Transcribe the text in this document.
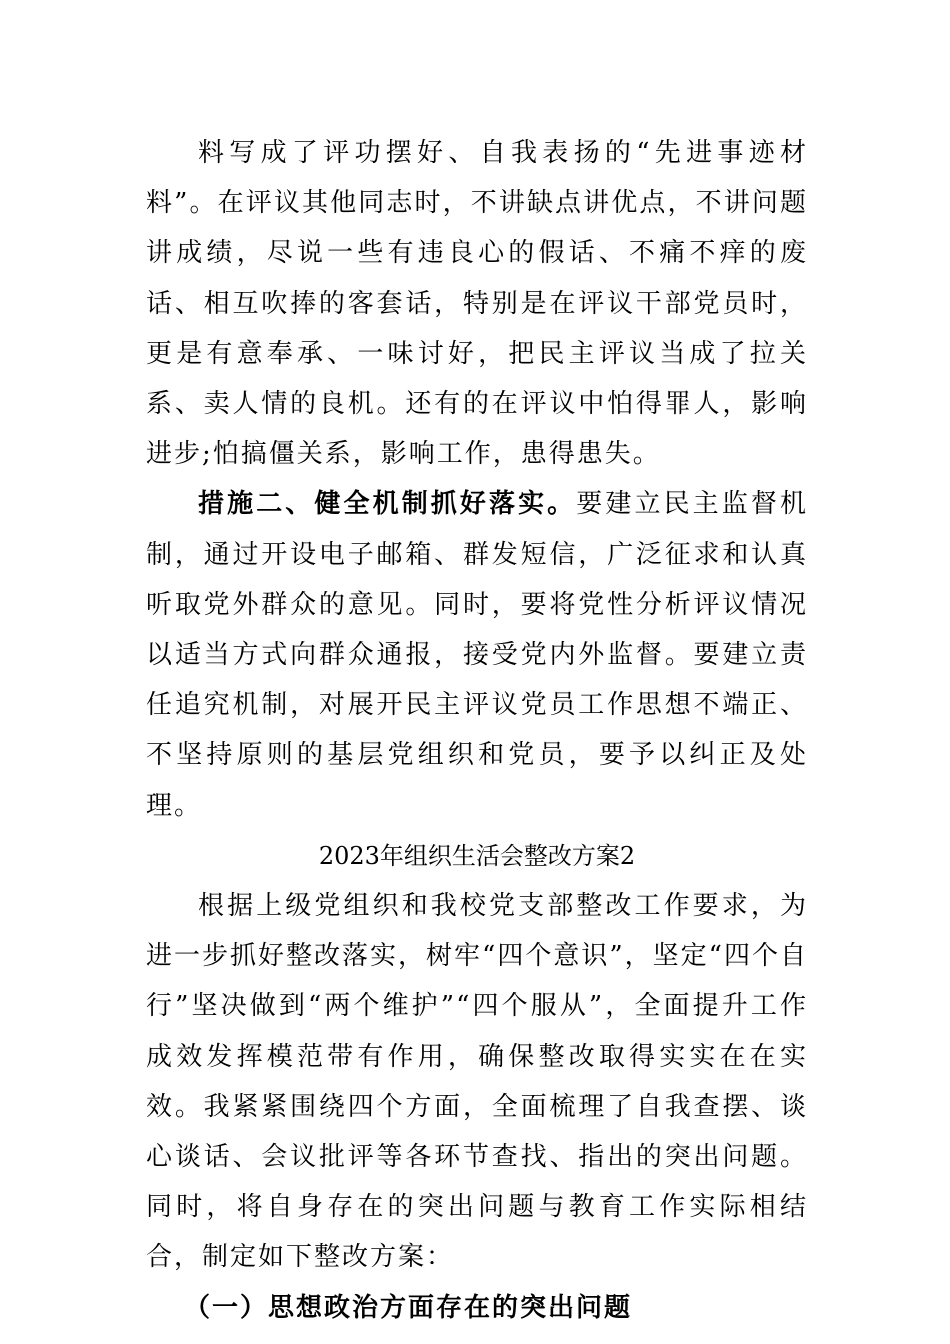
料写成了评功摆好、自我表扬的“先进事迹材料”。在评议其他同志时，不讲缺点讲优点，不讲问题讲成绩，尽说一些有违良心的假话、不痛不痒的废话、相互吹捧的客套话，特别是在评议干部党员时，更是有意奉承、一味讨好，把民主评议当成了拉关系、卖人情的良机。还有的在评议中怕得罪人，影响进步;怕搞僵关系，影响工作，患得患失。

措施二、健全机制抓好落实。要建立民主监督机制，通过开设电子邮箱、群发短信，广泛征求和认真听取党外群众的意见。同时，要将党性分析评议情况以适当方式向群众通报，接受党内外监督。要建立责任追究机制，对展开民主评议党员工作思想不端正、不坚持原则的基层党组织和党员，要予以纠正及处理。

2023年组织生活会整改方案2

根据上级党组织和我校党支部整改工作要求，为进一步抓好整改落实，树牢“四个意识”，坚定“四个自行”坚决做到“两个维护”“四个服从”，全面提升工作成效发挥模范带有作用，确保整改取得实实在在实效。我紧紧围绕四个方面，全面梳理了自我查摆、谈心谈话、会议批评等各环节查找、指出的突出问题。同时，将自身存在的突出问题与教育工作实际相结合，制定如下整改方案：

（一）思想政治方面存在的突出问题
